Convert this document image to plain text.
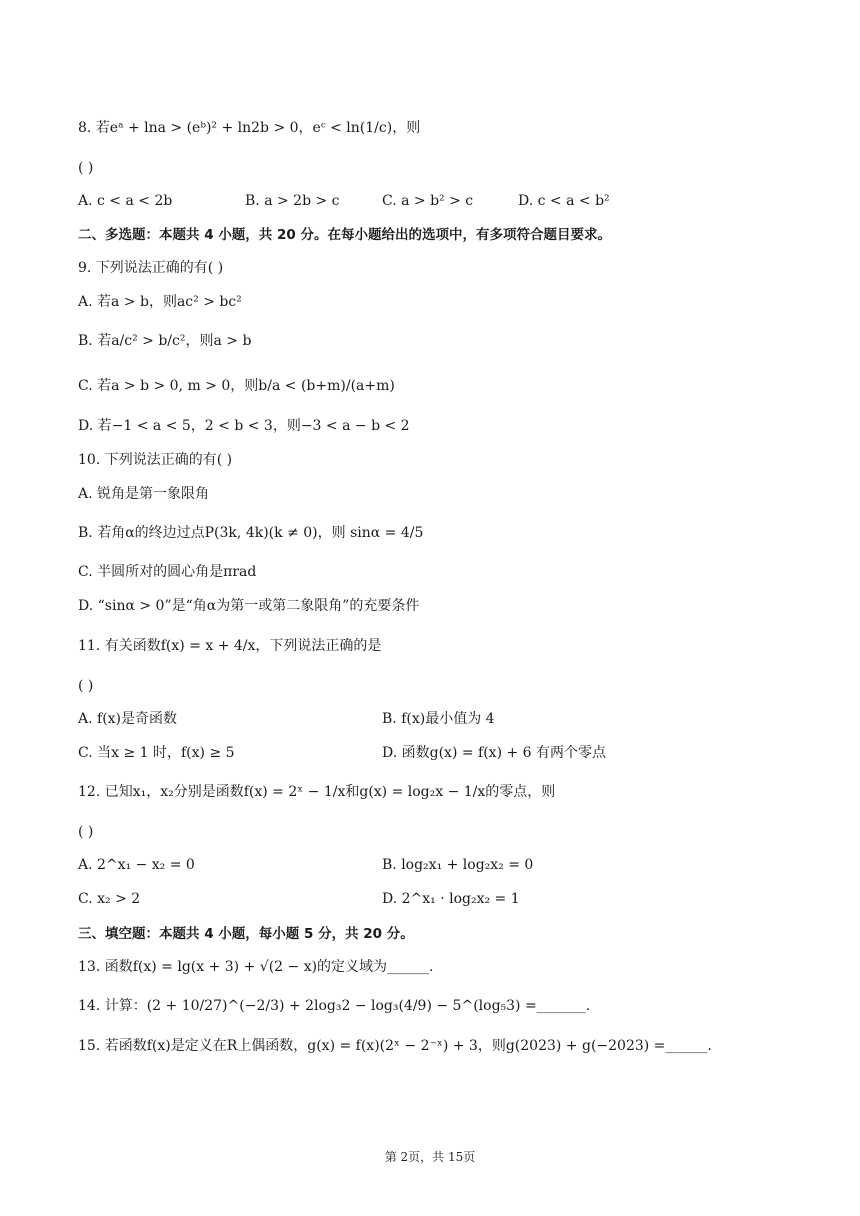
8. 若eᵃ + lna > (eᵇ)² + ln2b > 0，eᶜ < ln(1/c)，则
( )
A. c < a < 2b	B. a > 2b > c	C. a > b² > c	D. c < a < b²
二、多选题：本题共 4 小题，共 20 分。在每小题给出的选项中，有多项符合题目要求。
9. 下列说法正确的有( )
A. 若a > b，则ac² > bc²
B. 若a/c² > b/c²，则a > b
C. 若a > b > 0, m > 0，则b/a < (b+m)/(a+m)
D. 若−1 < a < 5，2 < b < 3，则−3 < a − b < 2
10. 下列说法正确的有( )
A. 锐角是第一象限角
B. 若角α的终边过点P(3k, 4k)(k ≠ 0)，则 sinα = 4/5
C. 半圆所对的圆心角是πrad
D. “sinα > 0”是“角α为第一或第二象限角”的充要条件
11. 有关函数f(x) = x + 4/x，下列说法正确的是
( )
A. f(x)是奇函数	B. f(x)最小值为 4
C. 当x ≥ 1 时，f(x) ≥ 5	D. 函数g(x) = f(x) + 6 有两个零点
12. 已知x₁，x₂分别是函数f(x) = 2ˣ − 1/x和g(x) = log₂x − 1/x的零点，则
( )
A. 2^x₁ − x₂ = 0	B. log₂x₁ + log₂x₂ = 0
C. x₂ > 2	D. 2^x₁ · log₂x₂ = 1
三、填空题：本题共 4 小题，每小题 5 分，共 20 分。
13. 函数f(x) = lg(x + 3) + √(2 − x)的定义域为______.
14. 计算：(2 + 10/27)^(−2/3) + 2log₃2 − log₃(4/9) − 5^(log₅3) =_______.
15. 若函数f(x)是定义在R上偶函数，g(x) = f(x)(2ˣ − 2⁻ˣ) + 3，则g(2023) + g(−2023) =______.
第 2页，共 15页
